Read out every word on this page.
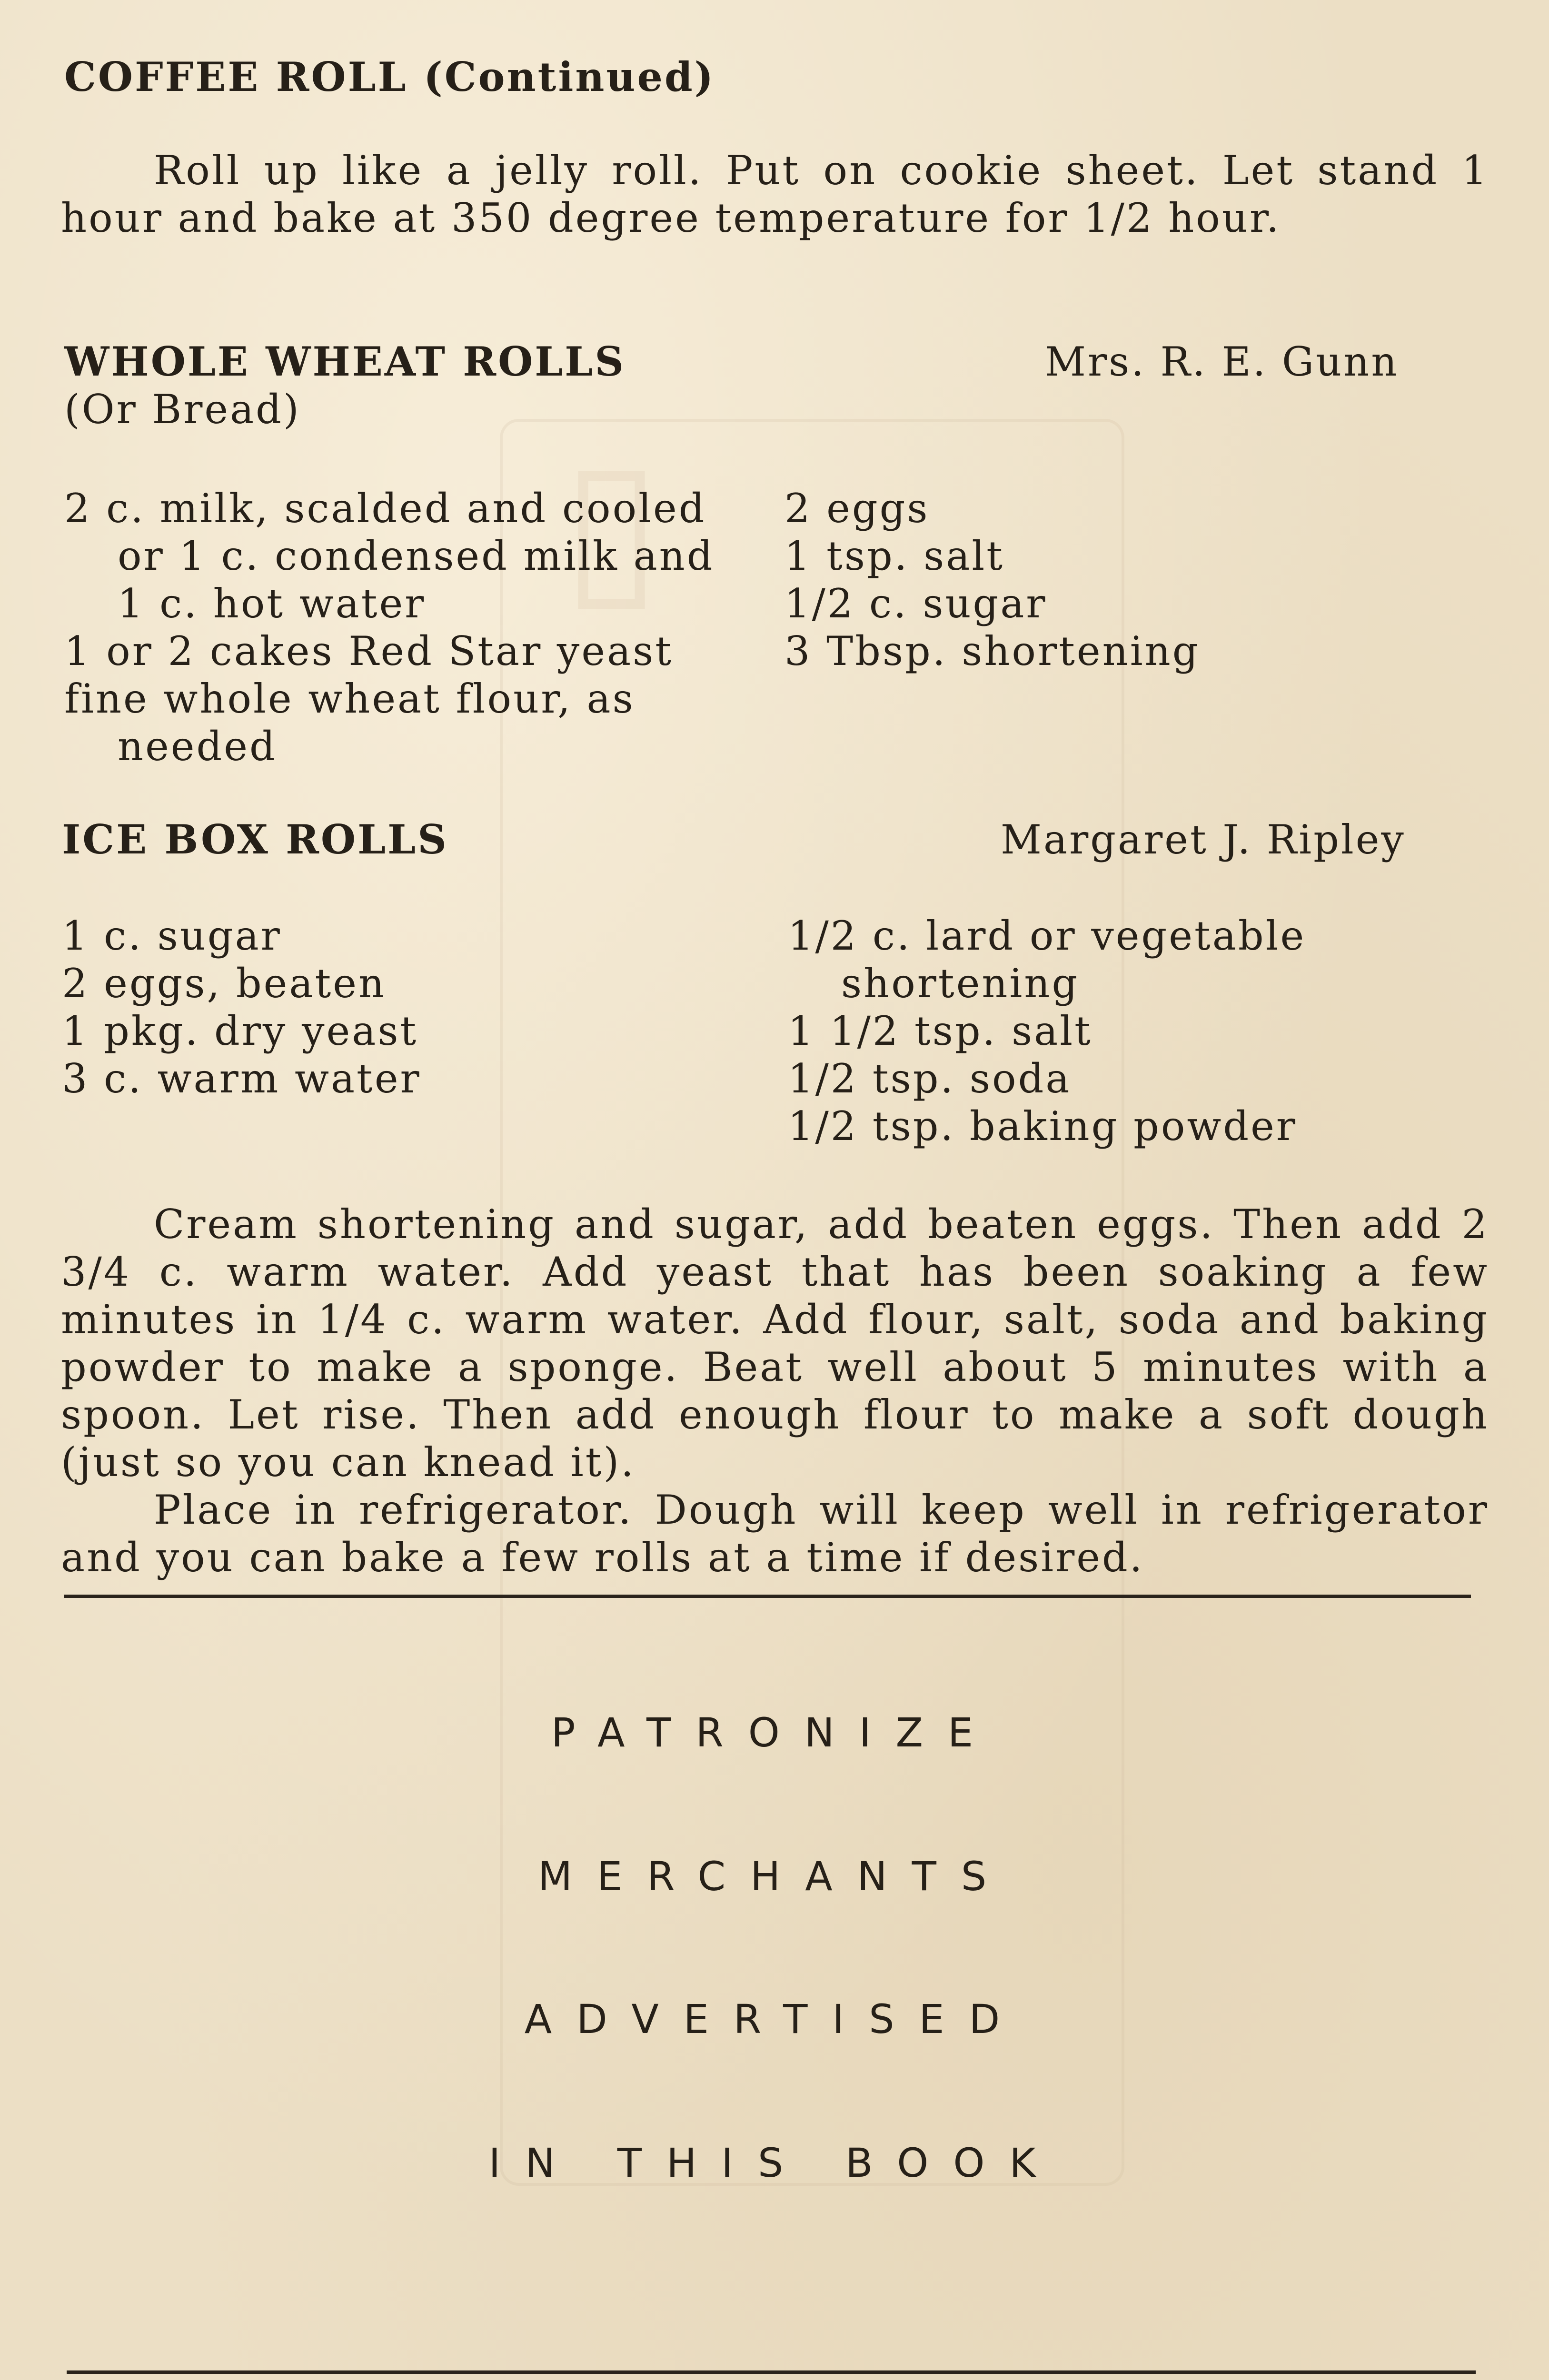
▯
COFFEE ROLL (Continued)

Roll up like a jelly roll. Put on cookie sheet. Let stand 1 hour and bake at 350 degree temperature for 1/2 hour.

WHOLE WHEAT ROLLS	Mrs. R. E. Gunn
(Or Bread)
2 c. milk, scalded and cooled or 1 c. condensed milk and 1 c. hot water
1 or 2 cakes Red Star yeast
fine whole wheat flour, as needed
2 eggs
1 tsp. salt
1/2 c. sugar
3 Tbsp. shortening
ICE BOX ROLLS	Margaret J. Ripley
1 c. sugar
2 eggs, beaten
1 pkg. dry yeast
3 c. warm water
1/2 c. lard or vegetable shortening
1 1/2 tsp. salt
1/2 tsp. soda
1/2 tsp. baking powder

Cream shortening and sugar, add beaten eggs. Then add 2 3/4 c. warm water. Add yeast that has been soaking a few minutes in 1/4 c. warm water. Add flour, salt, soda and baking powder to make a sponge. Beat well about 5 minutes with a spoon. Let rise. Then add enough flour to make a soft dough (just so you can knead it).

Place in refrigerator. Dough will keep well in refrigerator and you can bake a few rolls at a time if desired.

PATRONIZE

MERCHANTS

ADVERTISED

IN THIS BOOK
